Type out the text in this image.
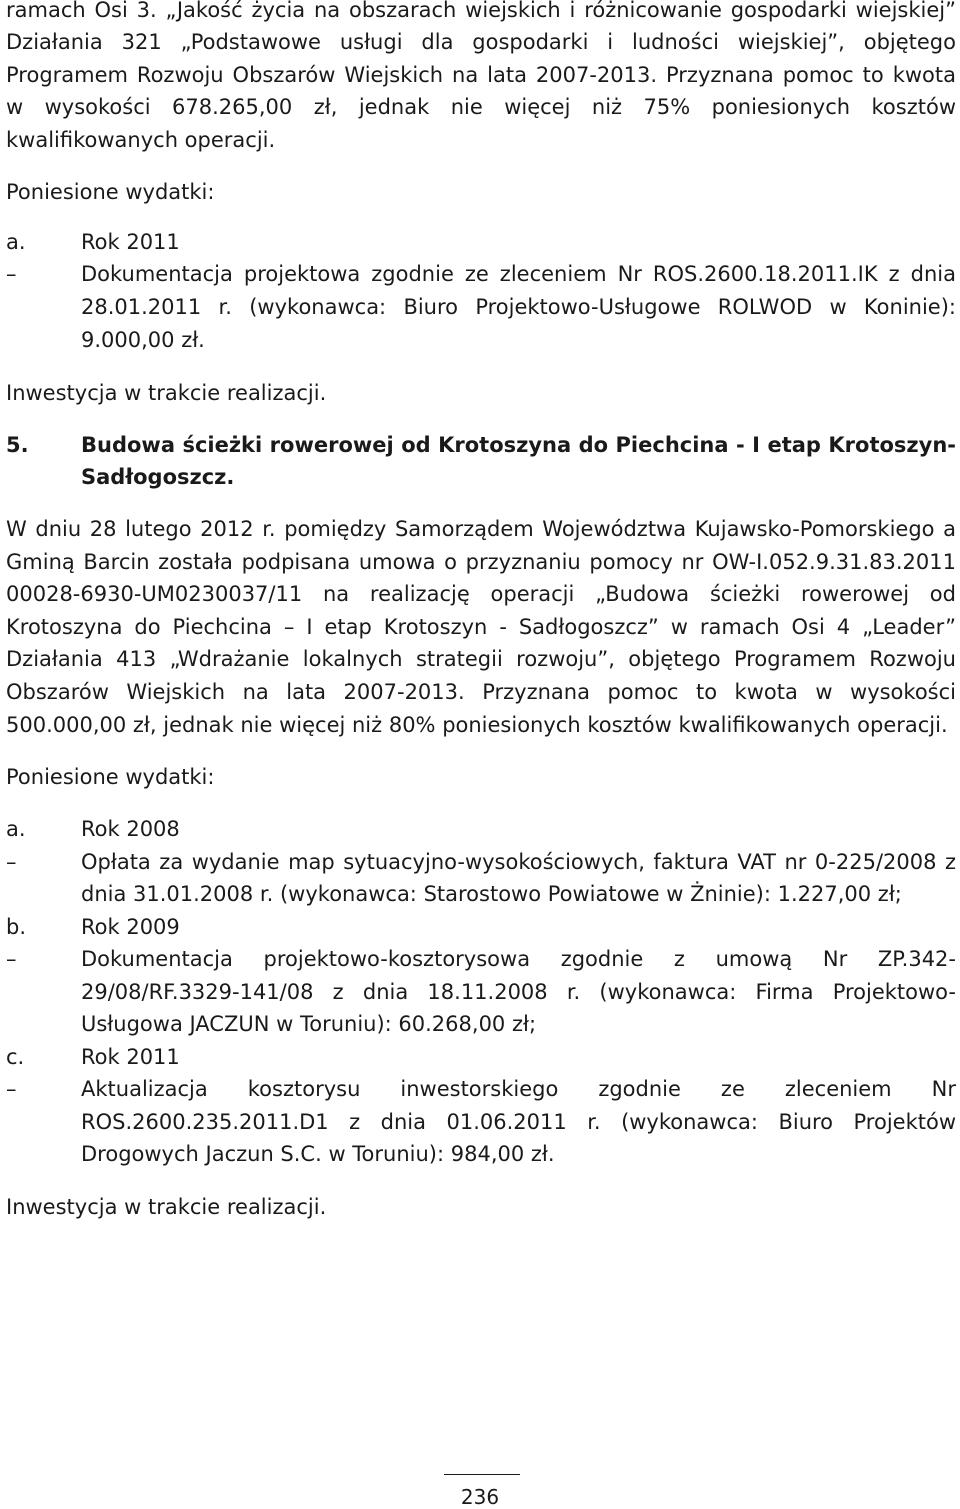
ramach Osi 3. „Jakość życia na obszarach wiejskich i różnicowanie gospodarki wiejskiej” Działania 321 „Podstawowe usługi dla gospodarki i ludności wiejskiej”, objętego Programem Rozwoju Obszarów Wiejskich na lata 2007-2013. Przyznana pomoc to kwota w wysokości 678.265,00 zł, jednak nie więcej niż 75% poniesionych kosztów kwalifikowanych operacji.

Poniesione wydatki:

a.	Rok 2011

–	Dokumentacja projektowa zgodnie ze zleceniem Nr ROS.2600.18.2011.IK z dnia 28.01.2011 r. (wykonawca: Biuro Projektowo-Usługowe ROLWOD w Koninie): 9.000,00 zł.

Inwestycja w trakcie realizacji.

5. Budowa ścieżki rowerowej od Krotoszyna do Piechcina - I etap Krotoszyn-Sadłogoszcz.

W dniu 28 lutego 2012 r. pomiędzy Samorządem Województwa Kujawsko-Pomorskiego a Gminą Barcin została podpisana umowa o przyznaniu pomocy nr OW-I.052.9.31.83.2011 00028-6930-UM0230037/11 na realizację operacji „Budowa ścieżki rowerowej od Krotoszyna do Piechcina – I etap Krotoszyn - Sadłogoszcz” w ramach Osi 4 „Leader” Działania 413 „Wdrażanie lokalnych strategii rozwoju”, objętego Programem Rozwoju Obszarów Wiejskich na lata 2007-2013. Przyznana pomoc to kwota w wysokości 500.000,00 zł, jednak nie więcej niż 80% poniesionych kosztów kwalifikowanych operacji.

Poniesione wydatki:

a.	Rok 2008

–	Opłata za wydanie map sytuacyjno-wysokościowych, faktura VAT nr 0-225/2008 z dnia 31.01.2008 r. (wykonawca: Starostowo Powiatowe w Żninie): 1.227,00 zł;

b.	Rok 2009

–	Dokumentacja projektowo-kosztorysowa zgodnie z umową Nr ZP.342-29/08/RF.3329-141/08 z dnia 18.11.2008 r. (wykonawca: Firma Projektowo-Usługowa JACZUN w Toruniu): 60.268,00 zł;

c.	Rok 2011

–	Aktualizacja kosztorysu inwestorskiego zgodnie ze zleceniem Nr ROS.2600.235.2011.D1 z dnia 01.06.2011 r. (wykonawca: Biuro Projektów Drogowych Jaczun S.C. w Toruniu): 984,00 zł.

Inwestycja w trakcie realizacji.

236
